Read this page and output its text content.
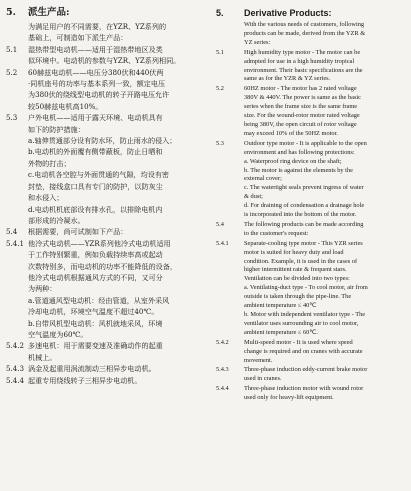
5.	派生产品:
为满足用户的不同需要，在YZR、YZ系列的
基础上，可制造如下派生产品：
5.1	湿热带型电动机——适用于湿热带地区及类
似环境中。电动机的参数与YZR、YZ系列相同。
5.2	60赫兹电动机——电压分380伏和440伏两
·同机座号的功率与基本系列一致，额定电压
为380伏的绕线型电动机的转子开路电压允许
较50赫兹电机高10%。
5.3	户外电机——适用于露天环境、电动机具有
如下的防护措施：
a.轴伸贯通部分设有防水环，防止雨水的侵入；
b.电动机的外面覆有侧带蔽板，防止日晒和
外物的打击；
c.电动机各空腔与外面贯通的气隙，均设有密
封垫，接线盒口具有专门的防护，以防灰尘
和水侵入；
d.电动机机底部设有排水孔，以排除电机内
部形成的冷凝水。
5.4	根据需要，尚可试制如下产品：
5.4.1 他冷式电动机——YZR系列他冷式电动机适用
于工作特别繁重，例如负载持续率高或起动
次数特别多，而电动机的功率不能降低的设备，
他冷式电动机根据通风方式的不同，又可分
为两种：
a.管道通风型电动机：经由管道，从室外采风
冷却电动机，环境空气温度不超过40℃。
b.自带风机型电动机：风机就地采风，环境
空气温度为60℃。
5.4.2 多速电机：用于需要变速及准确动作的起重
机械上。
5.4.3 涡金及起重用涡流制动三相异步电动机。
5.4.4 起重专用绕线转子三相异步电动机。
5.	Derivative Products:
With the various needs of customers, following
products can be made, derived from the YZR &
YZ series:
5.1	High humidity type motor - The motor can be
admpted for use in a high humidity tropical
environment. Their basic specifications are the
same as for the YZR & YZ series.
5.2	60HZ motor - The motor has 2 rated voltage
380V & 440V. The power is same as the basic
series when the frame size is the same frame
size. For the wound-rotor motor rated voltage
being 380V, the open circuit of rotor voltage
may exceed 10% of the 50HZ motor.
5.3	Outdoor type motor - It is applicable to the open
environment and has following protections:
a. Waterproof ring device on the shaft;
b. The motor is against the elements by the
external cover;
c. The watertight seals prevent ingress of water
& dust;
d. For draining of condensation a drainage hole
is incorporated into the bottom of the motor.
5.4	The following products can be made according
to the customer's request:
5.4.1	Separate-cooling type motor - This YZR series
motor is suited for heavy duty and load
condition. Example, it is used in the cases of
higher intermittent rate & frequent stars.
Ventilation can be divided into two types:
a. Ventilating-duct type - To cool motor, air from
outside is taken through the pipe-line. The
ambient temperature ≤ 40℃
b. Motor with independent ventilator type - The
ventilator uses surrounding air to cool motor,
ambient temperature ≤ 60℃.
5.4.2	Multi-speed motor - It is used where speed
change is required and on cranes with accurate
movement.
5.4.3	Three-phase induction eddy-current brake motor
used in cranes.
5.4.4	Three-phase induction motor with wound rotor
used only for heavy-lift equipment.
